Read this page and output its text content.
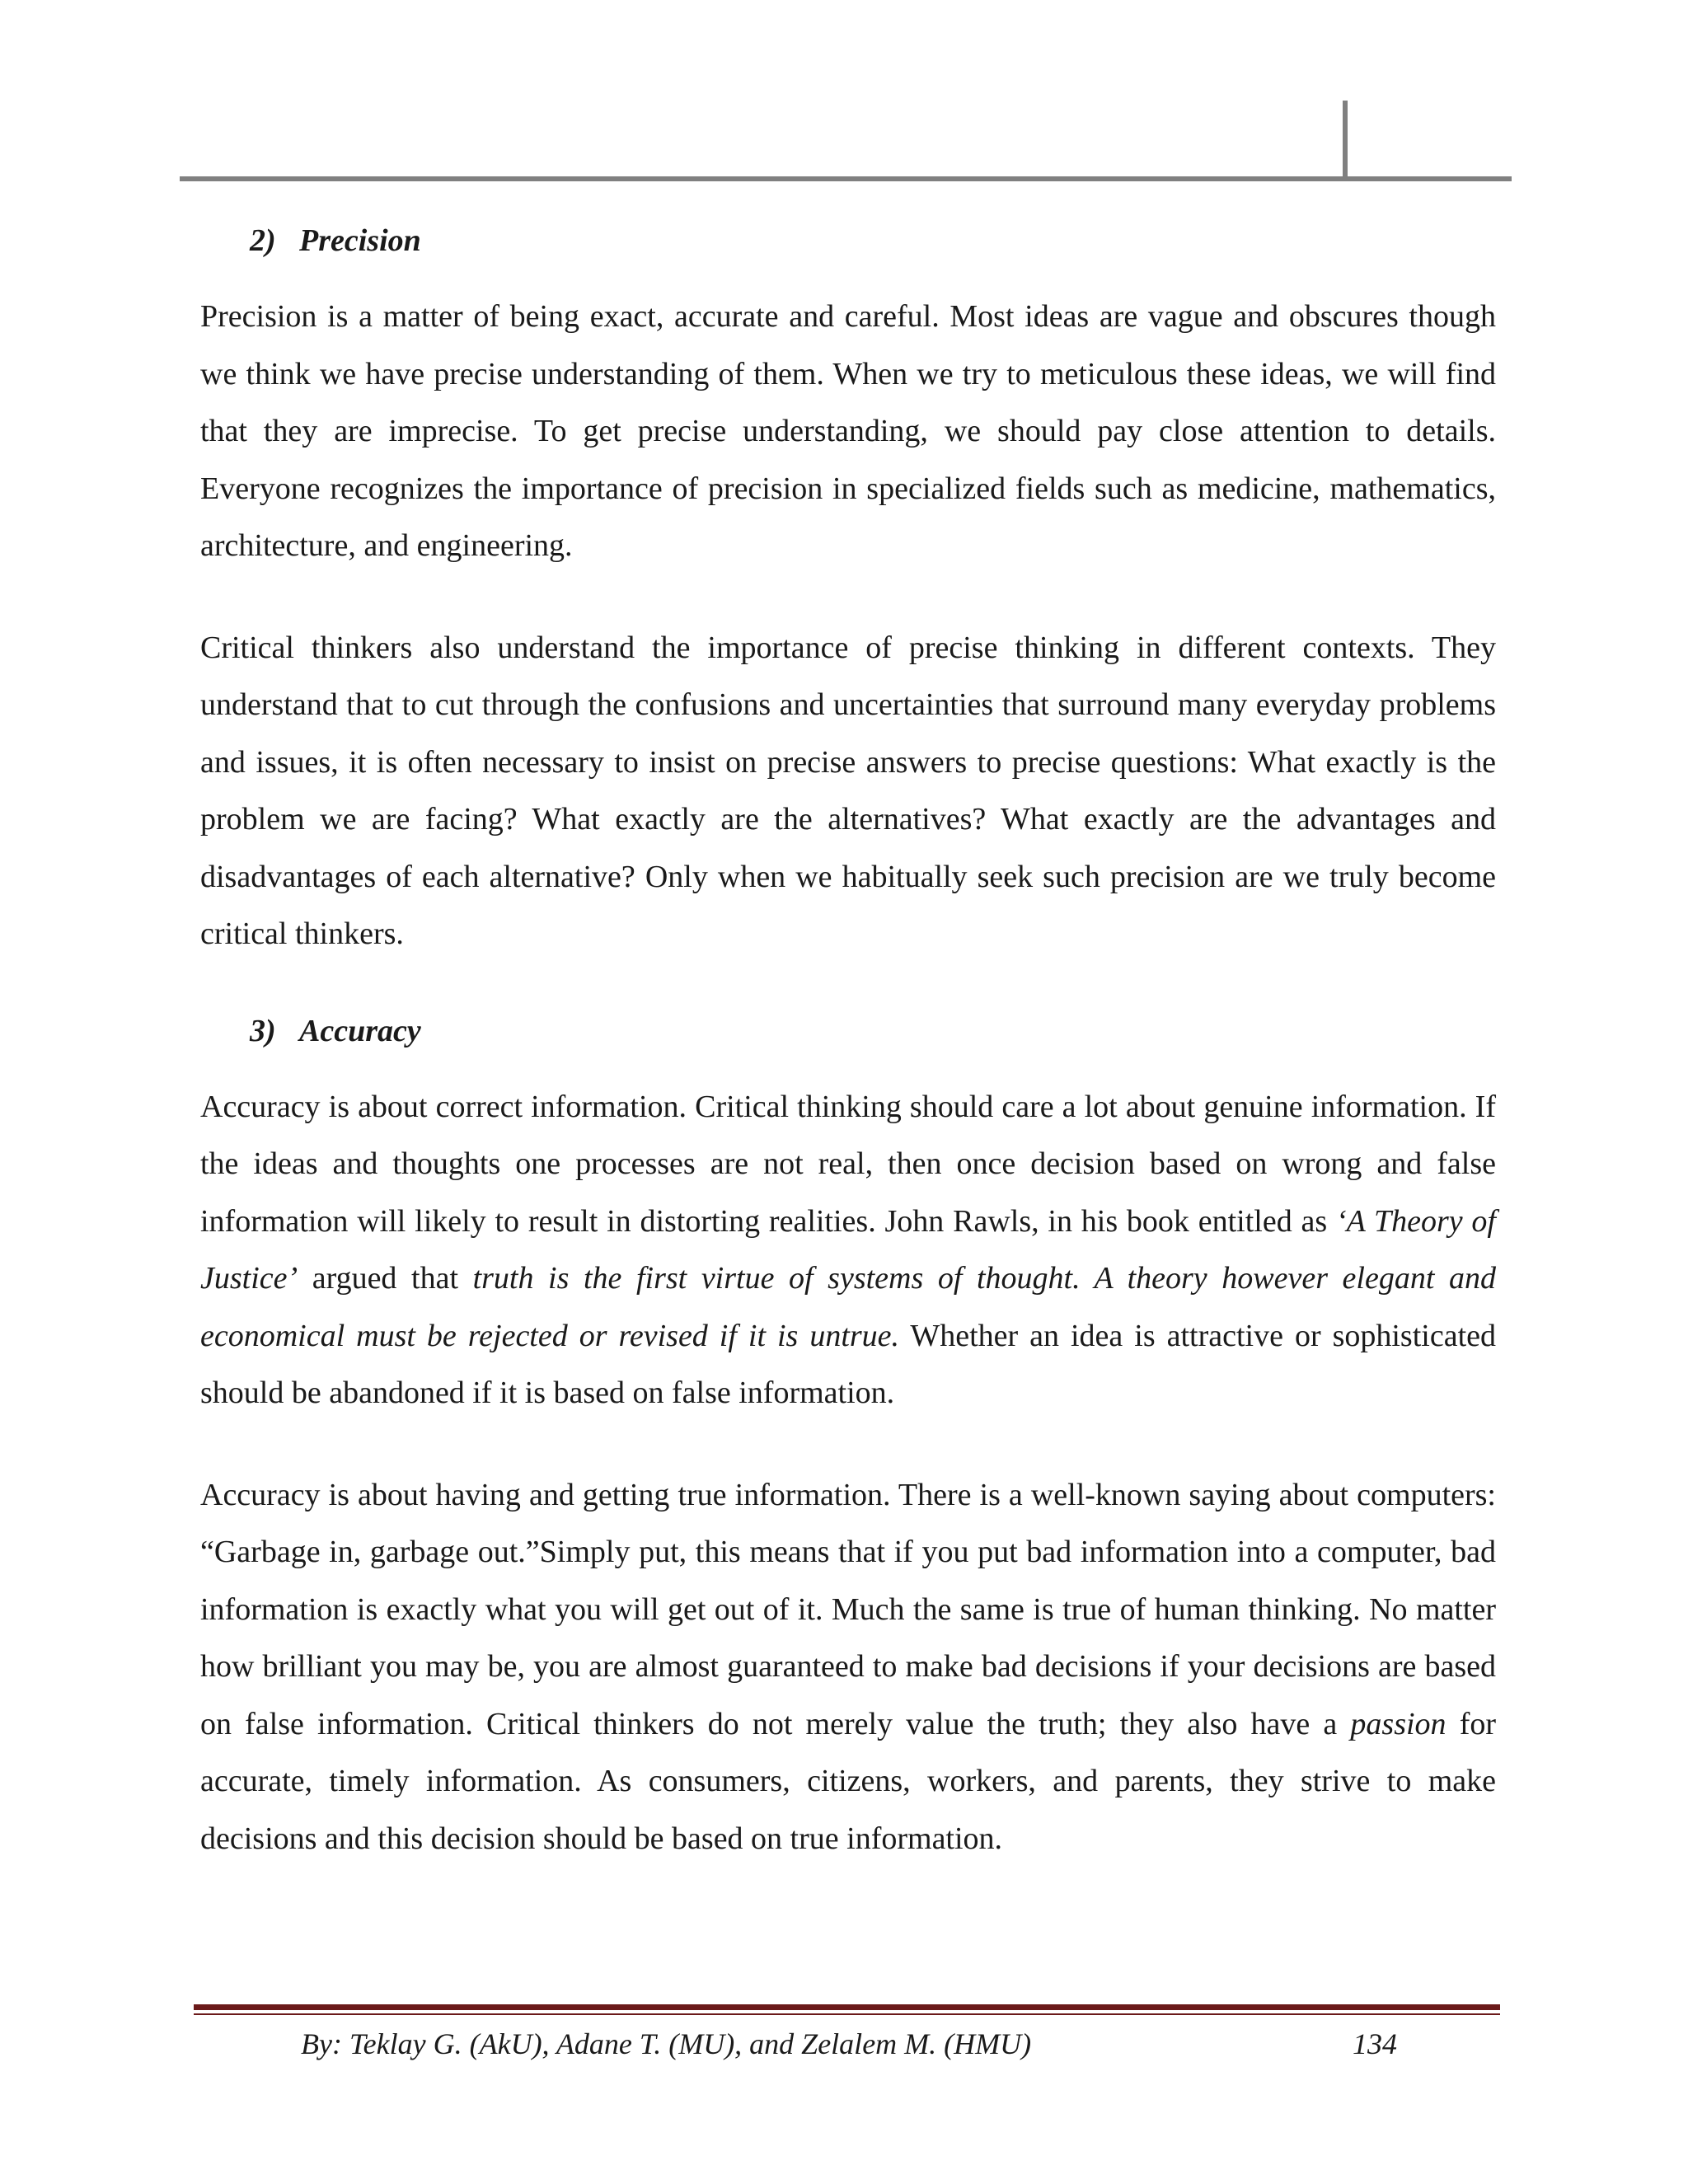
2) Precision

Precision is a matter of being exact, accurate and careful. Most ideas are vague and obscures though we think we have precise understanding of them. When we try to meticulous these ideas, we will find that they are imprecise. To get precise understanding, we should pay close attention to details. Everyone recognizes the importance of precision in specialized fields such as medicine, mathematics, architecture, and engineering.

Critical thinkers also understand the importance of precise thinking in different contexts. They understand that to cut through the confusions and uncertainties that surround many everyday problems and issues, it is often necessary to insist on precise answers to precise questions: What exactly is the problem we are facing? What exactly are the alternatives? What exactly are the advantages and disadvantages of each alternative? Only when we habitually seek such precision are we truly become critical thinkers.

3) Accuracy

Accuracy is about correct information. Critical thinking should care a lot about genuine information. If the ideas and thoughts one processes are not real, then once decision based on wrong and false information will likely to result in distorting realities. John Rawls, in his book entitled as ‘A Theory of Justice’ argued that truth is the first virtue of systems of thought. A theory however elegant and economical must be rejected or revised if it is untrue. Whether an idea is attractive or sophisticated should be abandoned if it is based on false information.

Accuracy is about having and getting true information. There is a well-known saying about computers: “Garbage in, garbage out.”Simply put, this means that if you put bad information into a computer, bad information is exactly what you will get out of it. Much the same is true of human thinking. No matter how brilliant you may be, you are almost guaranteed to make bad decisions if your decisions are based on false information. Critical thinkers do not merely value the truth; they also have a passion for accurate, timely information. As consumers, citizens, workers, and parents, they strive to make decisions and this decision should be based on true information.

By: Teklay G. (AkU), Adane T. (MU), and Zelalem M. (HMU)	134
